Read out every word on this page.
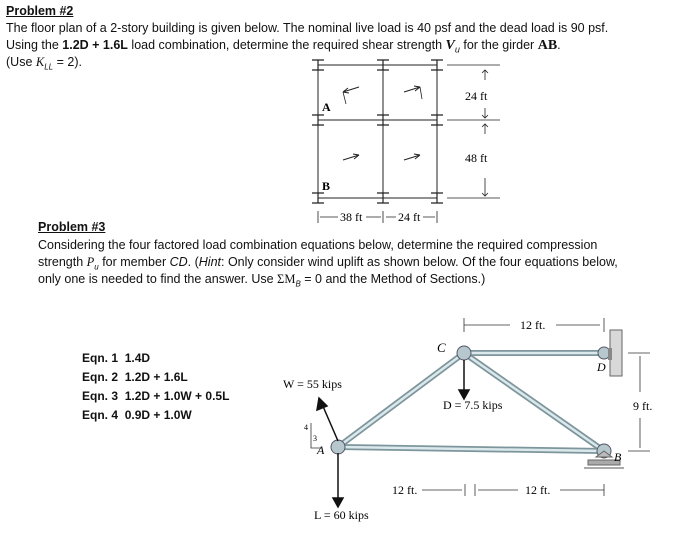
Problem #2
The floor plan of a 2-story building is given below. The nominal live load is 40 psf and the dead load is 90 psf.
Using the 1.2D + 1.6L load combination, determine the required shear strength $V_u$ for the girder AB.
(Use $K_{LL} = 2$).
A
B
24 ft
48 ft
38 ft	24 ft
Problem #3
Considering the four factored load combination equations below, determine the required compression
strength $P_u$ for member CD. (Hint: Only consider wind uplift as shown below. Of the four equations below,
only one is needed to find the answer. Use $\Sigma M_B = 0$ and the Method of Sections.)
Eqn. 1 1.4D
Eqn. 2 1.2D + 1.6L
Eqn. 3 1.2D + 1.0W + 0.5L
Eqn. 4 0.9D + 1.0W
C
D
A	B
W = 55 kips
D = 7.5 kips
L = 60 kips
4
3
12 ft.
9 ft.
12 ft.	12 ft.
